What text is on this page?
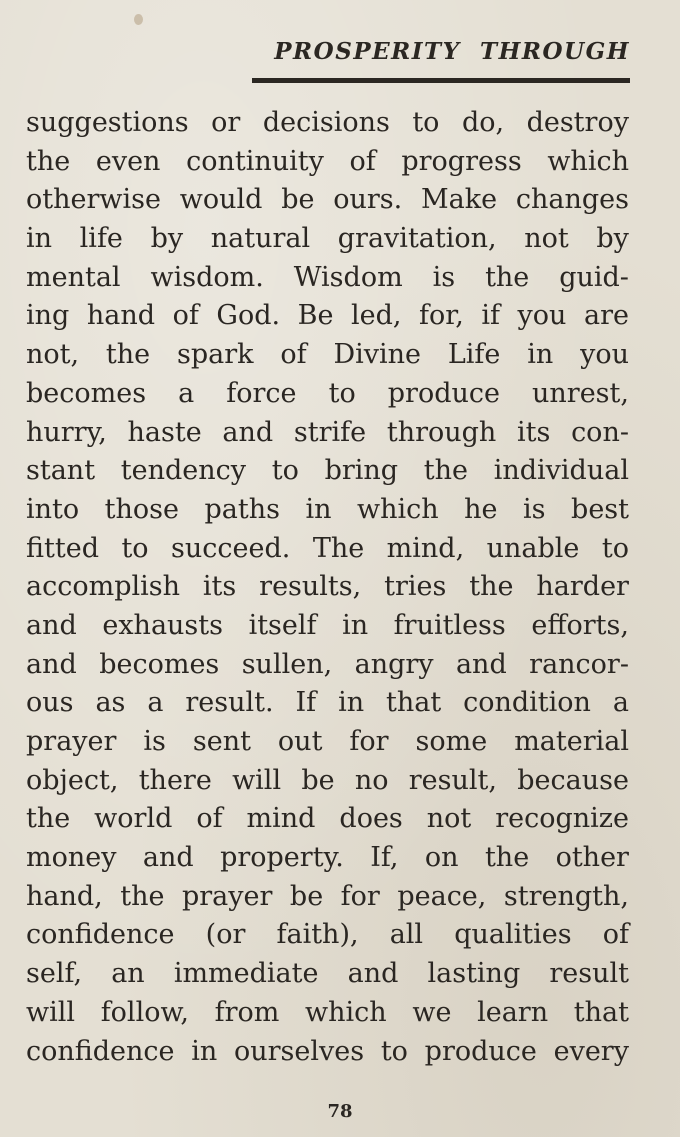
PROSPERITY THROUGH
suggestions or decisions to do, destroy
the even continuity of progress which
otherwise would be ours. Make changes
in life by natural gravitation, not by
mental wisdom. Wisdom is the guid-
ing hand of God. Be led, for, if you are
not, the spark of Divine Life in you
becomes a force to produce unrest,
hurry, haste and strife through its con-
stant tendency to bring the individual
into those paths in which he is best
fitted to succeed. The mind, unable to
accomplish its results, tries the harder
and exhausts itself in fruitless efforts,
and becomes sullen, angry and rancor-
ous as a result. If in that condition a
prayer is sent out for some material
object, there will be no result, because
the world of mind does not recognize
money and property. If, on the other
hand, the prayer be for peace, strength,
confidence (or faith), all qualities of
self, an immediate and lasting result
will follow, from which we learn that
confidence in ourselves to produce every
78
